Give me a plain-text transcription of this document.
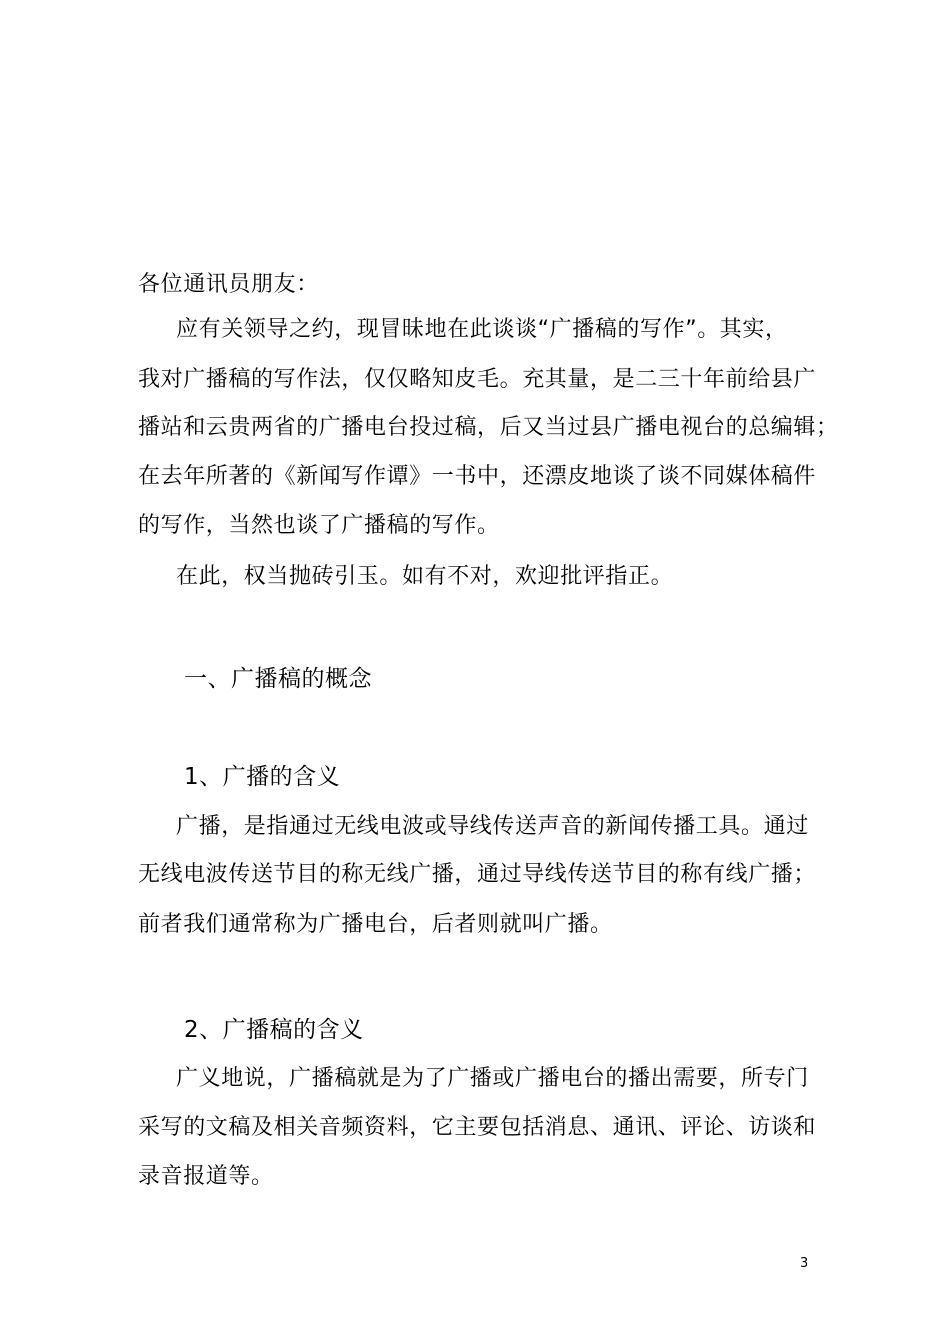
各位通讯员朋友：
应有关领导之约，现冒昧地在此谈谈“广播稿的写作”。其实，
我对广播稿的写作法，仅仅略知皮毛。充其量，是二三十年前给县广
播站和云贵两省的广播电台投过稿，后又当过县广播电视台的总编辑；
在去年所著的《新闻写作谭》一书中，还漂皮地谈了谈不同媒体稿件
的写作，当然也谈了广播稿的写作。
在此，权当抛砖引玉。如有不对，欢迎批评指正。
一、广播稿的概念
1、广播的含义
广播，是指通过无线电波或导线传送声音的新闻传播工具。通过
无线电波传送节目的称无线广播，通过导线传送节目的称有线广播；
前者我们通常称为广播电台，后者则就叫广播。
2、广播稿的含义
广义地说，广播稿就是为了广播或广播电台的播出需要，所专门
采写的文稿及相关音频资料，它主要包括消息、通讯、评论、访谈和
录音报道等。
3
